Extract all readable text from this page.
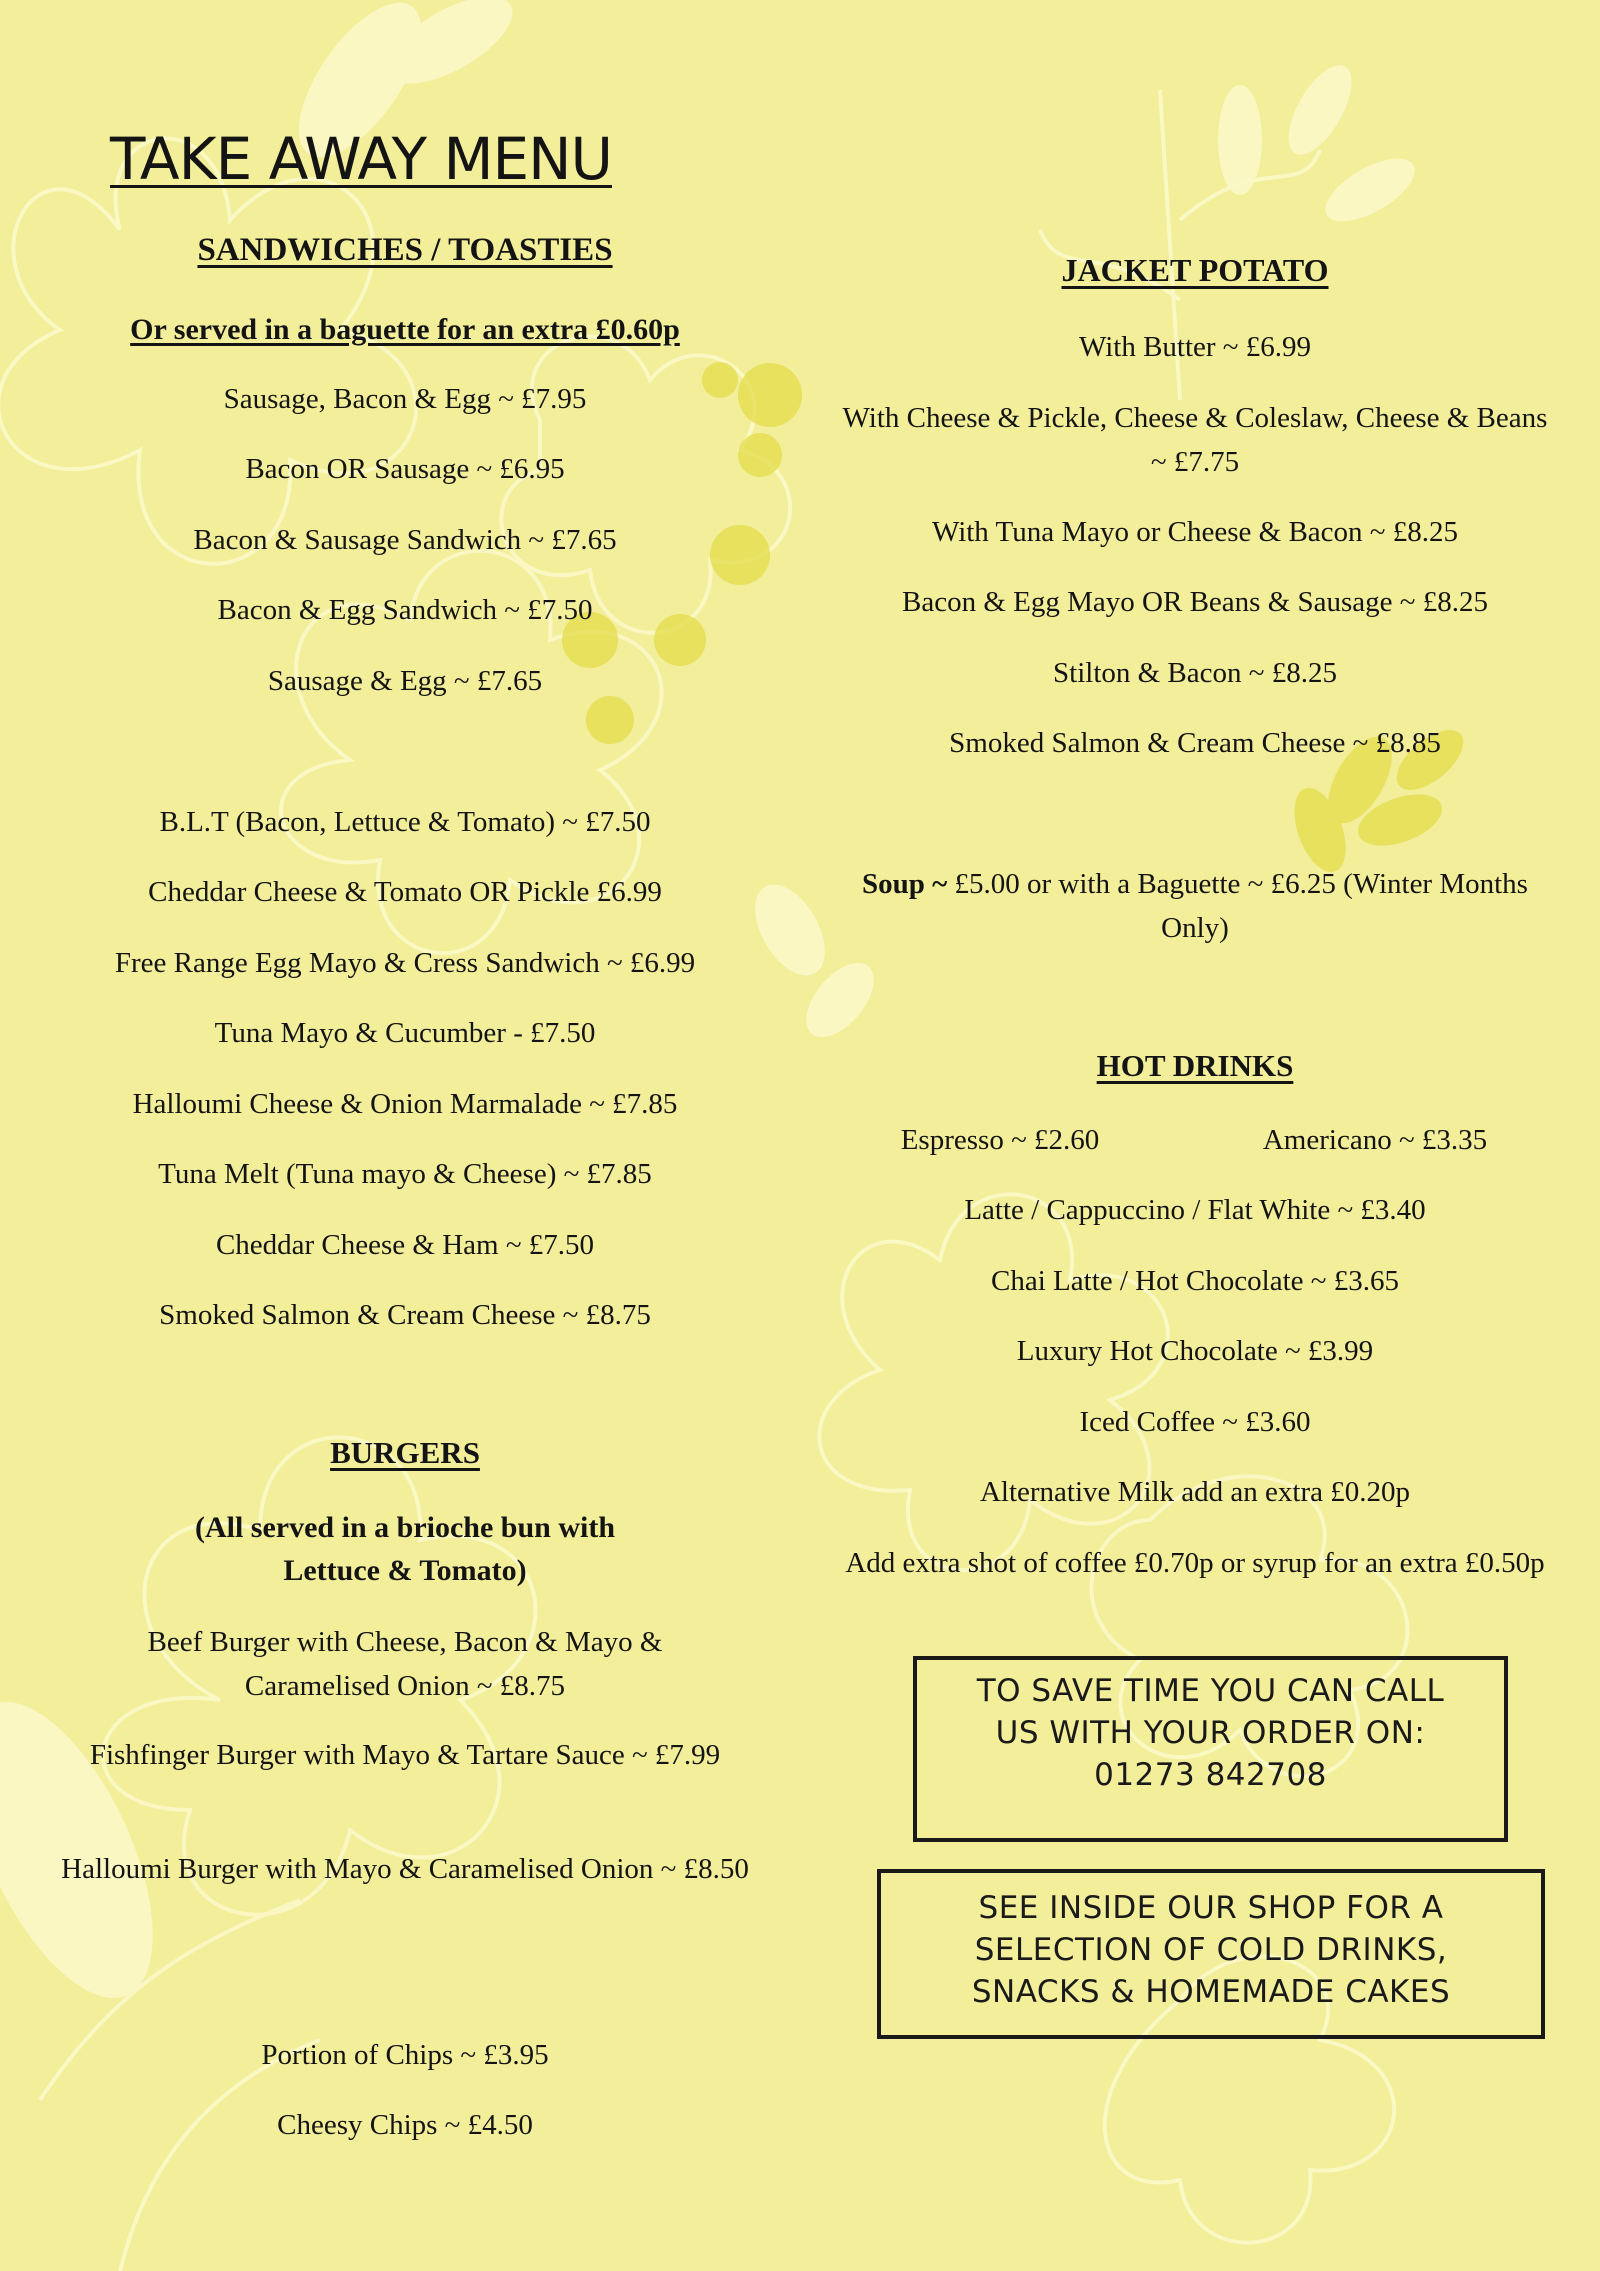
TAKE AWAY MENU
SANDWICHES / TOASTIES
Or served in a baguette for an extra £0.60p
Sausage, Bacon & Egg ~ £7.95
Bacon OR Sausage ~ £6.95
Bacon & Sausage Sandwich ~ £7.65
Bacon & Egg Sandwich ~ £7.50
Sausage & Egg ~ £7.65
B.L.T (Bacon, Lettuce & Tomato) ~ £7.50
Cheddar Cheese & Tomato OR Pickle £6.99
Free Range Egg Mayo & Cress Sandwich ~ £6.99
Tuna Mayo & Cucumber - £7.50
Halloumi Cheese & Onion Marmalade ~ £7.85
Tuna Melt (Tuna mayo & Cheese) ~ £7.85
Cheddar Cheese & Ham ~ £7.50
Smoked Salmon & Cream Cheese ~ £8.75
BURGERS
(All served in a brioche bun with
Lettuce & Tomato)
Beef Burger with Cheese, Bacon & Mayo & Caramelised Onion ~ £8.75
Fishfinger Burger with Mayo & Tartare Sauce ~ £7.99
Halloumi Burger with Mayo & Caramelised Onion ~ £8.50
Portion of Chips ~ £3.95
Cheesy Chips ~ £4.50
JACKET POTATO
With Butter ~ £6.99
With Cheese & Pickle, Cheese & Coleslaw, Cheese & Beans ~ £7.75
With Tuna Mayo or Cheese & Bacon ~ £8.25
Bacon & Egg Mayo OR Beans & Sausage ~ £8.25
Stilton & Bacon ~ £8.25
Smoked Salmon & Cream Cheese ~ £8.85
Soup ~ £5.00 or with a Baguette ~ £6.25 (Winter Months Only)
HOT DRINKS
Espresso ~ £2.60	Americano ~ £3.35
Latte / Cappuccino / Flat White ~ £3.40
Chai Latte / Hot Chocolate ~ £3.65
Luxury Hot Chocolate ~ £3.99
Iced Coffee ~ £3.60
Alternative Milk add an extra £0.20p
Add extra shot of coffee £0.70p or syrup for an extra £0.50p
TO SAVE TIME YOU CAN CALL
US WITH YOUR ORDER ON:
01273 842708
SEE INSIDE OUR SHOP FOR A
SELECTION OF COLD DRINKS,
SNACKS & HOMEMADE CAKES
